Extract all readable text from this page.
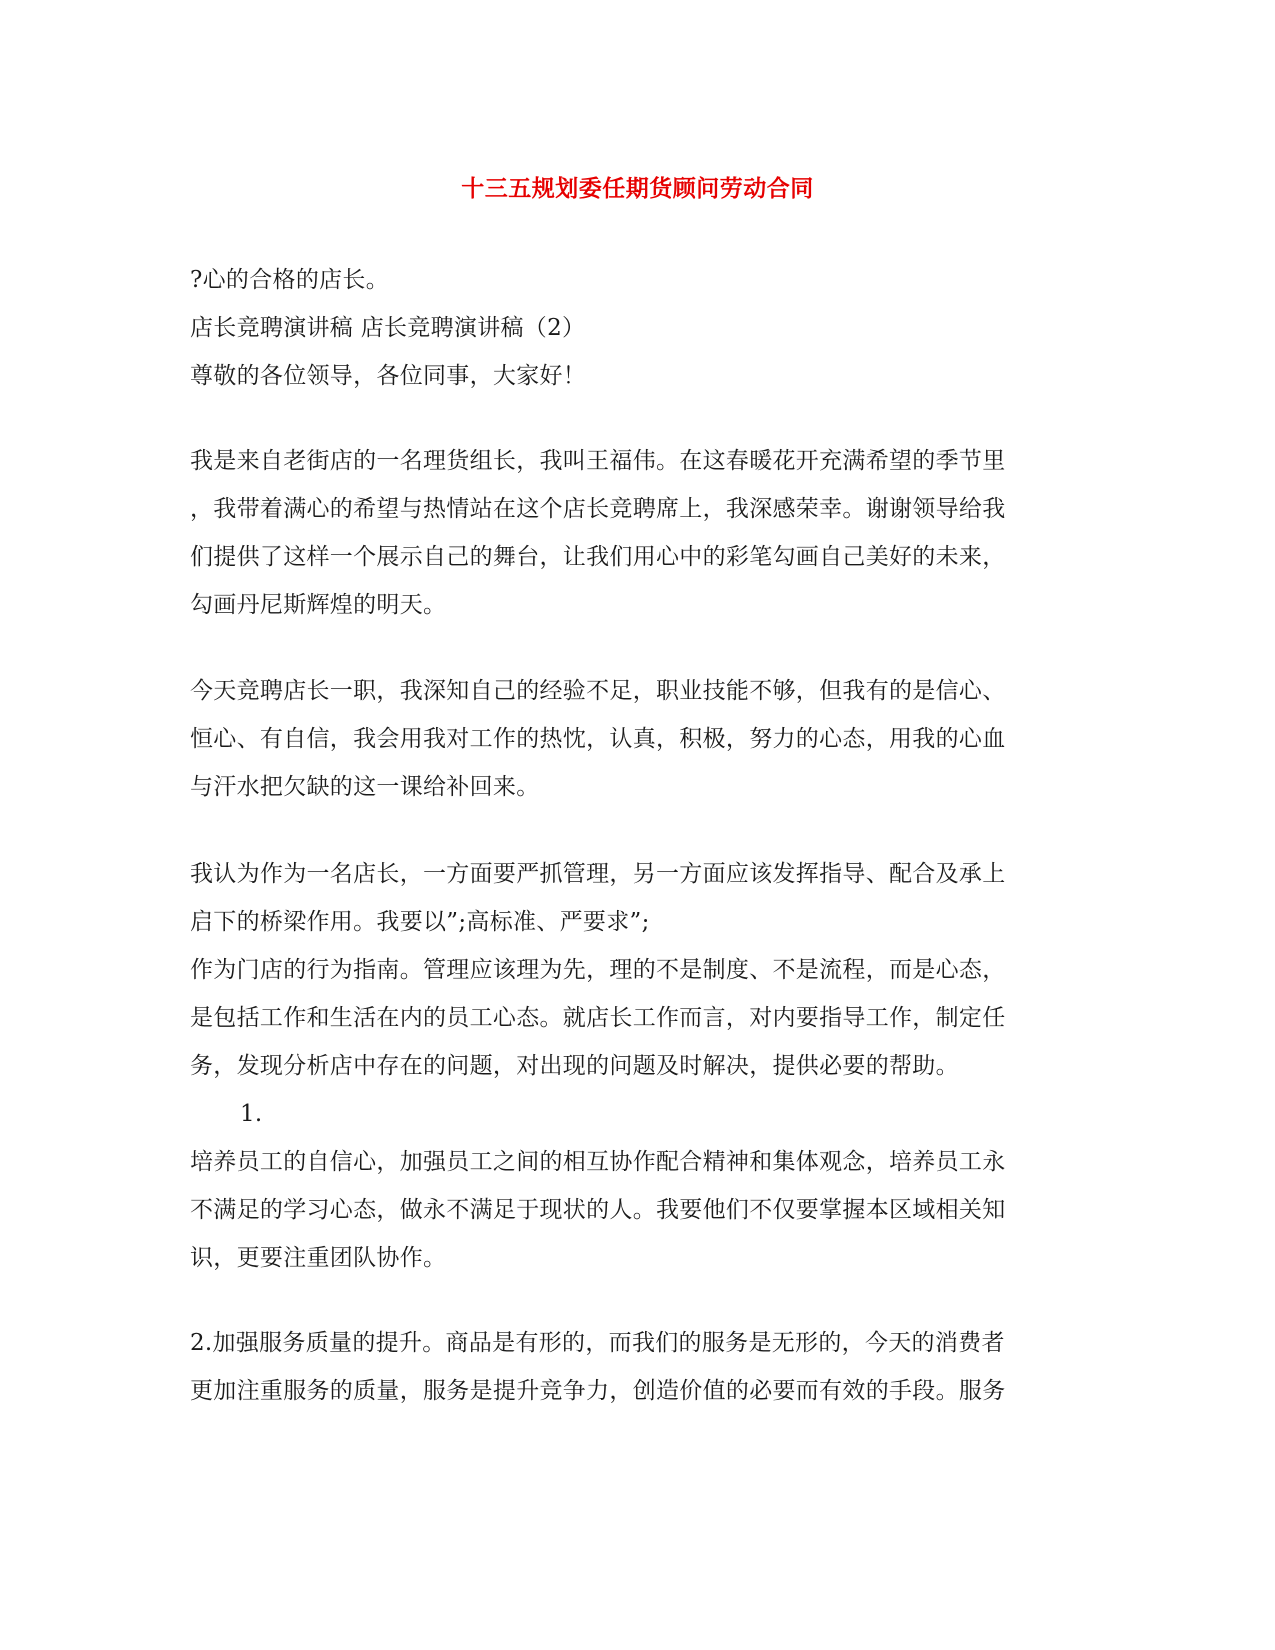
十三五规划委任期货顾问劳动合同
?心的合格的店长。
店长竞聘演讲稿 店长竞聘演讲稿（2）
尊敬的各位领导，各位同事，大家好！
我是来自老街店的一名理货组长，我叫王福伟。在这春暖花开充满希望的季节里
，我带着满心的希望与热情站在这个店长竞聘席上，我深感荣幸。谢谢领导给我
们提供了这样一个展示自己的舞台，让我们用心中的彩笔勾画自己美好的未来，
勾画丹尼斯辉煌的明天。
今天竞聘店长一职，我深知自己的经验不足，职业技能不够，但我有的是信心、
恒心、有自信，我会用我对工作的热忱，认真，积极，努力的心态，用我的心血
与汗水把欠缺的这一课给补回来。
我认为作为一名店长，一方面要严抓管理，另一方面应该发挥指导、配合及承上
启下的桥梁作用。我要以”;高标准、严要求”;
作为门店的行为指南。管理应该理为先，理的不是制度、不是流程，而是心态，
是包括工作和生活在内的员工心态。就店长工作而言，对内要指导工作，制定任
务，发现分析店中存在的问题，对出现的问题及时解决，提供必要的帮助。
1.
培养员工的自信心，加强员工之间的相互协作配合精神和集体观念，培养员工永
不满足的学习心态，做永不满足于现状的人。我要他们不仅要掌握本区域相关知
识，更要注重团队协作。
2.加强服务质量的提升。商品是有形的，而我们的服务是无形的，今天的消费者
更加注重服务的质量，服务是提升竞争力，创造价值的必要而有效的手段。服务
